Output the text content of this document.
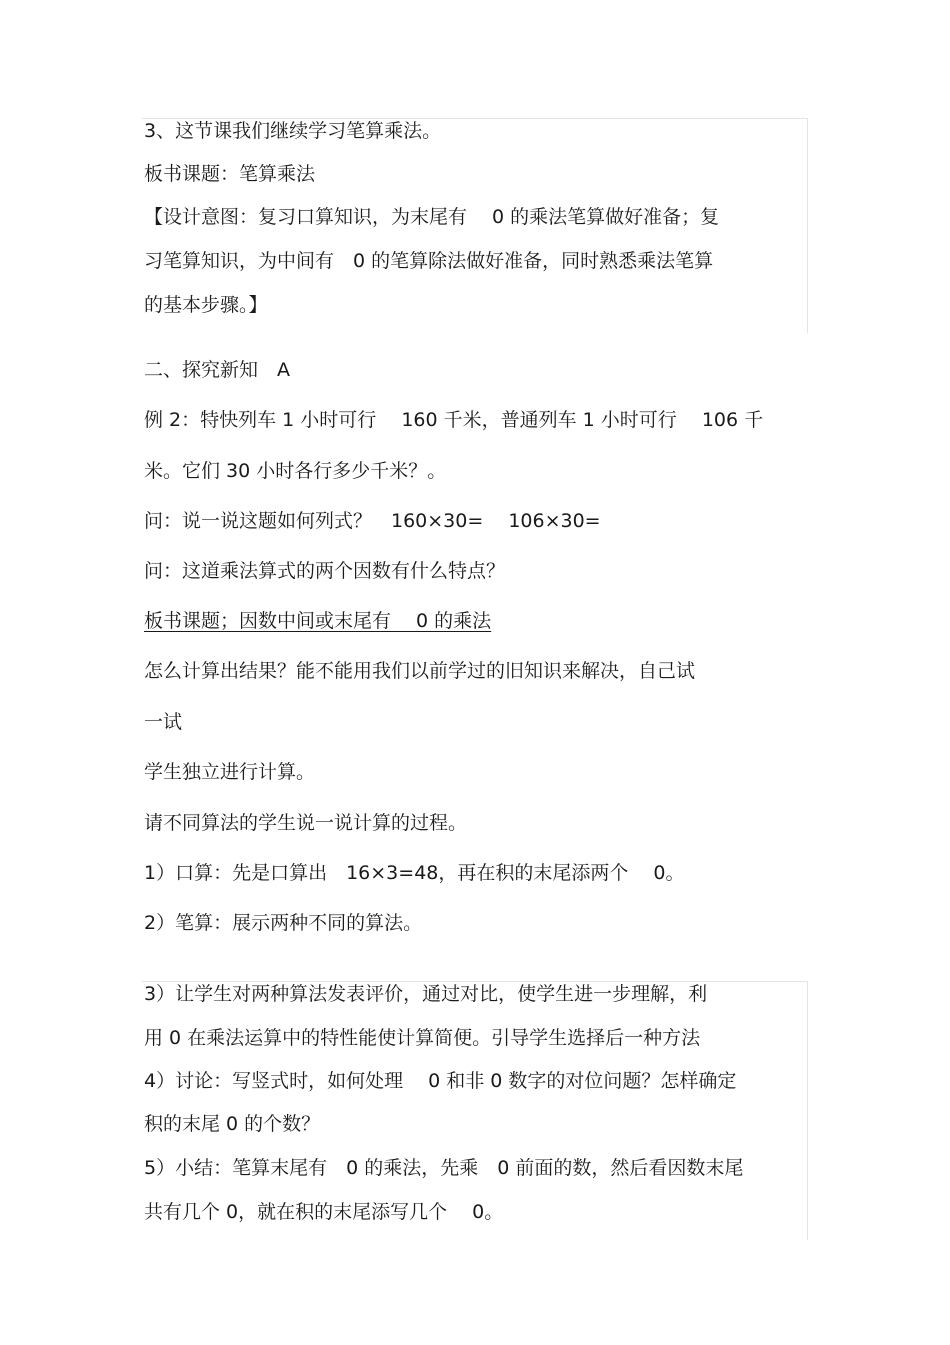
3、这节课我们继续学习笔算乘法。
板书课题：笔算乘法
【设计意图：复习口算知识，为末尾有　 0 的乘法笔算做好准备；复
习笔算知识，为中间有　0 的笔算除法做好准备，同时熟悉乘法笔算
的基本步骤。】
二、探究新知　A
例 2：特快列车 1 小时可行　 160 千米，普通列车 1 小时可行　 106 千
米。它们 30 小时各行多少千米？。
问：说一说这题如何列式？　160×30=　 106×30=
问：这道乘法算式的两个因数有什么特点？
板书课题；因数中间或末尾有　 0 的乘法
怎么计算出结果？能不能用我们以前学过的旧知识来解决，自己试
一试
学生独立进行计算。
请不同算法的学生说一说计算的过程。
1）口算：先是口算出　16×3=48，再在积的末尾添两个　 0。
2）笔算：展示两种不同的算法。
3）让学生对两种算法发表评价，通过对比，使学生进一步理解，利
用 0 在乘法运算中的特性能使计算简便。引导学生选择后一种方法
4）讨论：写竖式时，如何处理　 0 和非 0 数字的对位问题？怎样确定
积的末尾 0 的个数？
5）小结：笔算末尾有　0 的乘法，先乘　0 前面的数，然后看因数末尾
共有几个 0，就在积的末尾添写几个　 0。
